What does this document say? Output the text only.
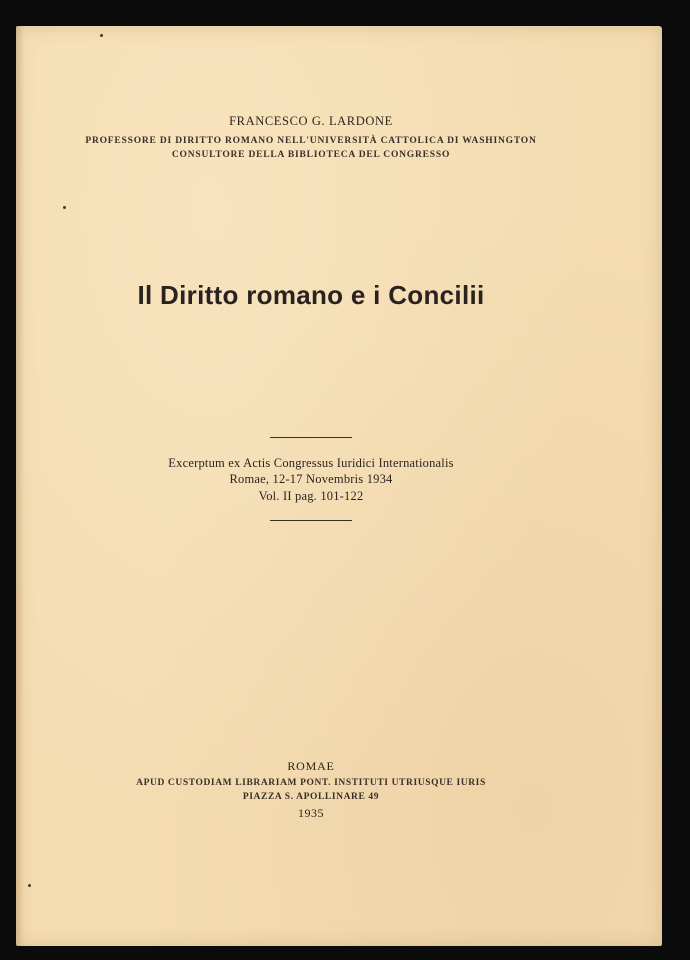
FRANCESCO G. LARDONE
PROFESSORE DI DIRITTO ROMANO NELL'UNIVERSITÀ CATTOLICA DI WASHINGTON
CONSULTORE DELLA BIBLIOTECA DEL CONGRESSO
Il Diritto romano e i Concilii
Excerptum ex Actis Congressus Iuridici Internationalis
Romae, 12-17 Novembris 1934
Vol. II pag. 101-122
ROMAE
APUD CUSTODIAM LIBRARIAM PONT. INSTITUTI UTRIUSQUE IURIS
PIAZZA S. APOLLINARE 49
1935
